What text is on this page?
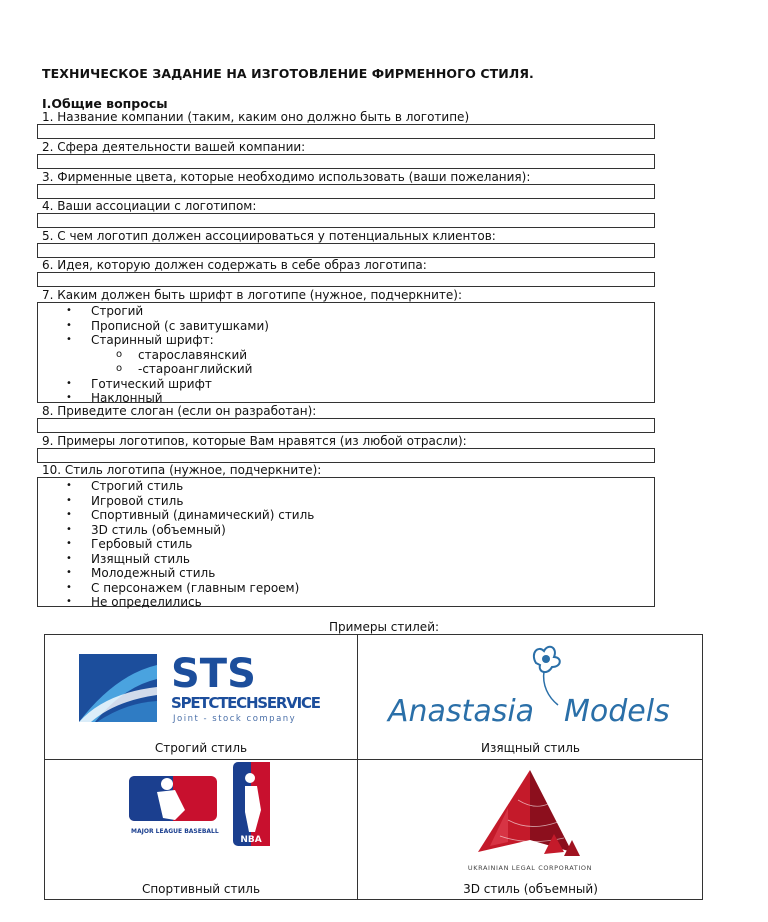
ТЕХНИЧЕСКОЕ ЗАДАНИЕ НА ИЗГОТОВЛЕНИЕ ФИРМЕННОГО СТИЛЯ.
I.Общие вопросы
1. Название компании (таким, каким оно должно быть в логотипе)
2. Сфера деятельности вашей компании:
3. Фирменные цвета, которые необходимо использовать (ваши пожелания):
4. Ваши ассоциации с логотипом:
5. С чем логотип должен ассоциироваться у потенциальных клиентов:
6. Идея, которую должен содержать в себе образ логотипа:
7. Каким должен быть шрифт в логотипе (нужное, подчеркните):
• Строгий
• Прописной (с завитушками)
• Старинный шрифт:
o старославянский
o -староанглийский
• Готический шрифт
• Наклонный
8. Приведите слоган (если он разработан):
9. Примеры логотипов, которые Вам нравятся (из любой отрасли):
10. Стиль логотипа (нужное, подчеркните):
• Строгий стиль
• Игровой стиль
• Спортивный (динамический) стиль
• 3D стиль (объемный)
• Гербовый стиль
• Изящный стиль
• Молодежный стиль
• С персонажем (главным героем)
• Не определились
Примеры стилей:
STS
SPETCTECHSERVICE
Joint - stock company
Строгий стиль
Anastasia Models
Изящный стиль
MAJOR LEAGUE BASEBALL
NBA
Спортивный стиль
UKRAINIAN LEGAL CORPORATION
3D стиль (объемный)
